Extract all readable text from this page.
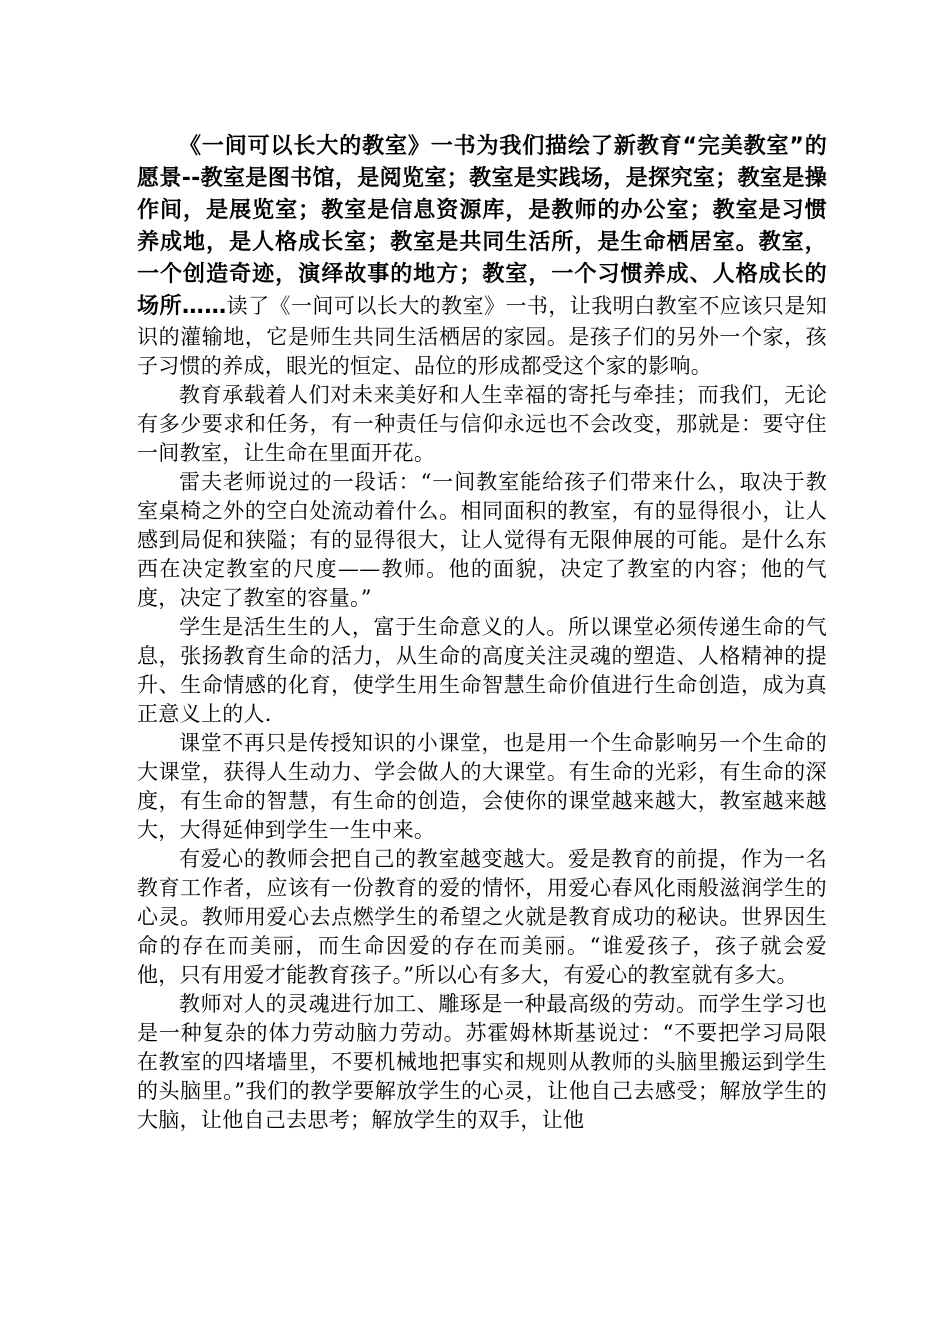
《一间可以长大的教室》一书为我们描绘了新教育“完美教室”的愿景--教室是图书馆，是阅览室；教室是实践场，是探究室；教室是操作间，是展览室；教室是信息资源库，是教师的办公室；教室是习惯养成地，是人格成长室；教室是共同生活所，是生命栖居室。教室，一个创造奇迹，演绎故事的地方；教室，一个习惯养成、人格成长的场所……读了《一间可以长大的教室》一书，让我明白教室不应该只是知识的灌输地，它是师生共同生活栖居的家园。是孩子们的另外一个家，孩子习惯的养成，眼光的恒定、品位的形成都受这个家的影响。

教育承载着人们对未来美好和人生幸福的寄托与牵挂；而我们，无论有多少要求和任务，有一种责任与信仰永远也不会改变，那就是：要守住一间教室，让生命在里面开花。

雷夫老师说过的一段话：“一间教室能给孩子们带来什么，取决于教室桌椅之外的空白处流动着什么。相同面积的教室，有的显得很小，让人感到局促和狭隘；有的显得很大，让人觉得有无限伸展的可能。是什么东西在决定教室的尺度——教师。他的面貌，决定了教室的内容；他的气度，决定了教室的容量。”

学生是活生生的人，富于生命意义的人。所以课堂必须传递生命的气息，张扬教育生命的活力，从生命的高度关注灵魂的塑造、人格精神的提升、生命情感的化育，使学生用生命智慧生命价值进行生命创造，成为真正意义上的人.

课堂不再只是传授知识的小课堂，也是用一个生命影响另一个生命的大课堂，获得人生动力、学会做人的大课堂。有生命的光彩，有生命的深度，有生命的智慧，有生命的创造，会使你的课堂越来越大，教室越来越大，大得延伸到学生一生中来。

有爱心的教师会把自己的教室越变越大。爱是教育的前提，作为一名教育工作者，应该有一份教育的爱的情怀，用爱心春风化雨般滋润学生的心灵。教师用爱心去点燃学生的希望之火就是教育成功的秘诀。世界因生命的存在而美丽，而生命因爱的存在而美丽。“谁爱孩子，孩子就会爱他，只有用爱才能教育孩子。”所以心有多大，有爱心的教室就有多大。

教师对人的灵魂进行加工、雕琢是一种最高级的劳动。而学生学习也是一种复杂的体力劳动脑力劳动。苏霍姆林斯基说过：“不要把学习局限在教室的四堵墙里，不要机械地把事实和规则从教师的头脑里搬运到学生的头脑里。”我们的教学要解放学生的心灵，让他自己去感受；解放学生的大脑，让他自己去思考；解放学生的双手，让他
